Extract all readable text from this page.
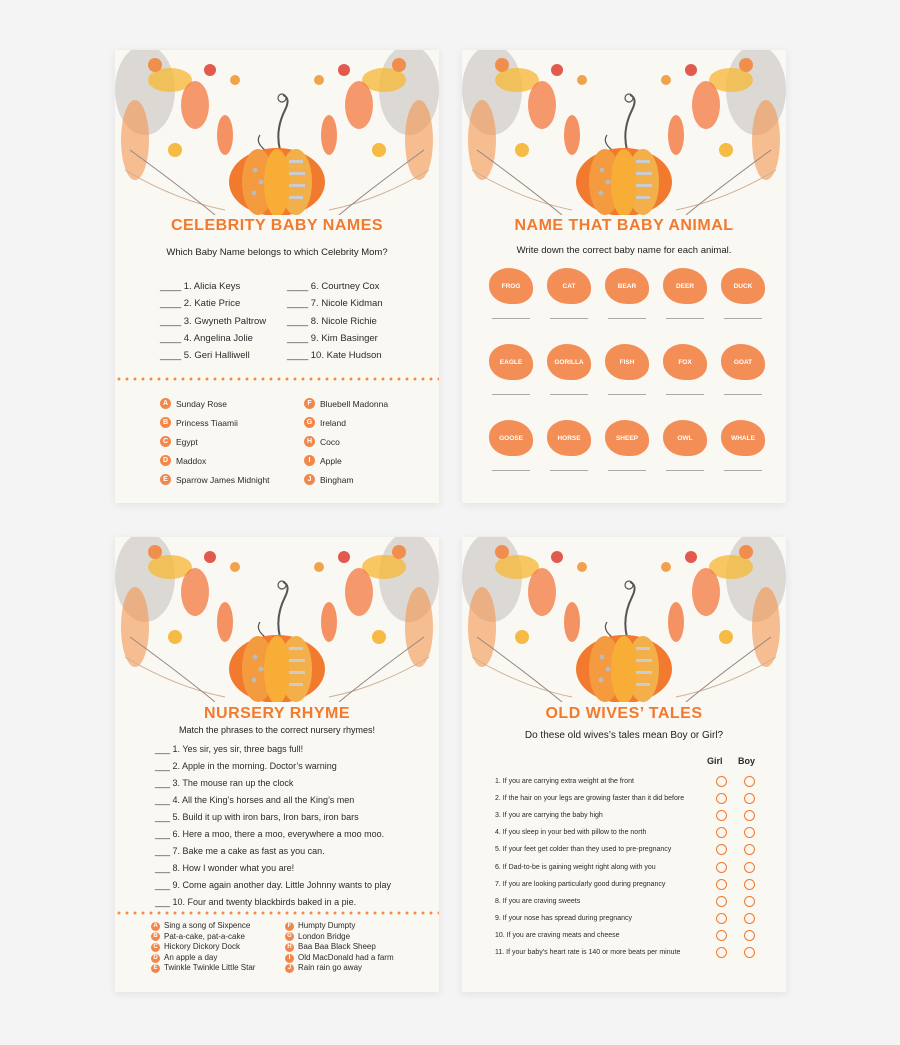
CELEBRITY BABY NAMES
Which Baby Name belongs to which Celebrity Mom?
____ 1. Alicia Keys
____ 2. Katie Price
____ 3. Gwyneth Paltrow
____ 4. Angelina Jolie
____ 5. Geri Halliwell
____ 6. Courtney Cox
____ 7. Nicole Kidman
____ 8. Nicole Richie
____ 9. Kim Basinger
____ 10. Kate Hudson
A Sunday Rose
B Princess Tiaamii
C Egypt
D Maddox
E Sparrow James Midnight
F Bluebell Madonna
G Ireland
H Coco
I	Apple
J	Bingham
NAME THAT BABY ANIMAL
Write down the correct baby name for each animal.
FROG	CAT	BEAR	DEER	DUCK
EAGLE	GORILLA	FISH	FOX	GOAT
GOOSE	HORSE	SHEEP	OWL	WHALE
NURSERY RHYME
Match the phrases to the correct nursery rhymes!
___ 1. Yes sir, yes sir, three bags full!
___ 2. Apple in the morning. Doctor’s warning
___ 3. The mouse ran up the clock
___ 4. All the King’s horses and all the King’s men
___ 5. Build it up with iron bars, Iron bars, iron bars
___ 6. Here a moo, there a moo, everywhere a moo moo.
___ 7. Bake me a cake as fast as you can.
___ 8. How I wonder what you are!
___ 9. Come again another day. Little Johnny wants to play
___ 10. Four and twenty blackbirds baked in a pie.
A Sing a song of Sixpence
B Pat-a-cake, pat-a-cake
C Hickory Dickory Dock
D An apple a day
E Twinkle Twinkle Little Star
F Humpty Dumpty
G London Bridge
H Baa Baa Black Sheep
I Old MacDonald had a farm
J Rain rain go away
OLD WIVES’ TALES
Do these old wives’s tales mean Boy or Girl?
Girl Boy
1. If you are carrying extra weight at the front
2. If the hair on your legs are growing faster than it did before
3. If you are carrying the baby high
4. If you sleep in your bed with pillow to the north
5. If your feet get colder than they used to pre-pregnancy
6. If Dad-to-be is gaining weight right along with you
7. If you are looking particularly good during pregnancy
8. If you are craving sweets
9. If your nose has spread during pregnancy
10. If you are craving meats and cheese
11. If your baby’s heart rate is 140 or more beats per minute
